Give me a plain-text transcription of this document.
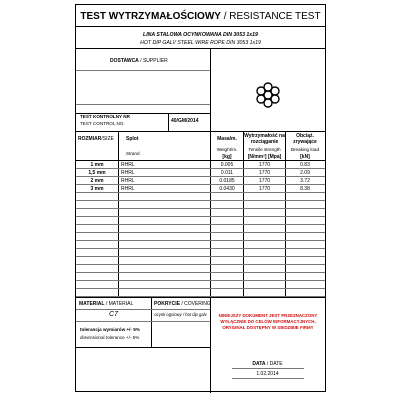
TEST WYTRZYMAŁOŚCIOWY / RESISTANCE TEST
LINA STALOWA OCYNKOWANA DIN 3053 1x19
HOT DIP GALV STEEL WIRE ROPE DIN 3053 1x19
DOSTAWCA / SUPPLIER
TEST KONTROLNY NR
TEST CONTROL NO.	40/GM/2014
ROZMIAR/SIZE Splot
Strand
Masa/m.
Weight/m.
[kg]
Wytrzymałość na
rozciąganie
Tensile strength
[N/mm²] [Mpa]
Obciąż.
zrywające
Breaking load
[kN]
1 mm	RHRL	0.005	1770	0.83
1,5 mm	RHRL	0.011	1770	2.09
2 mm	RHRL	0.0185	1770	3.72
3 mm	RHRL	0.0430	1770	8.38
MATERIAL / MATERIAL
C7
POKRYCIE / COVERING
ocynk ogniowy / hot dip galv
tolerancja wymiarów +/- 5%
dimensional tolerance +/- 5%
NINIEJSZY DOKUMENT JEST PRZEZNACZONY
WYŁĄCZNIE DO CELÓW INFORMACYJNYCH,
ORYGINAŁ DOSTĘPNY W SIEDZIBIE FIRMY
DATA / DATE
1.02.2014
